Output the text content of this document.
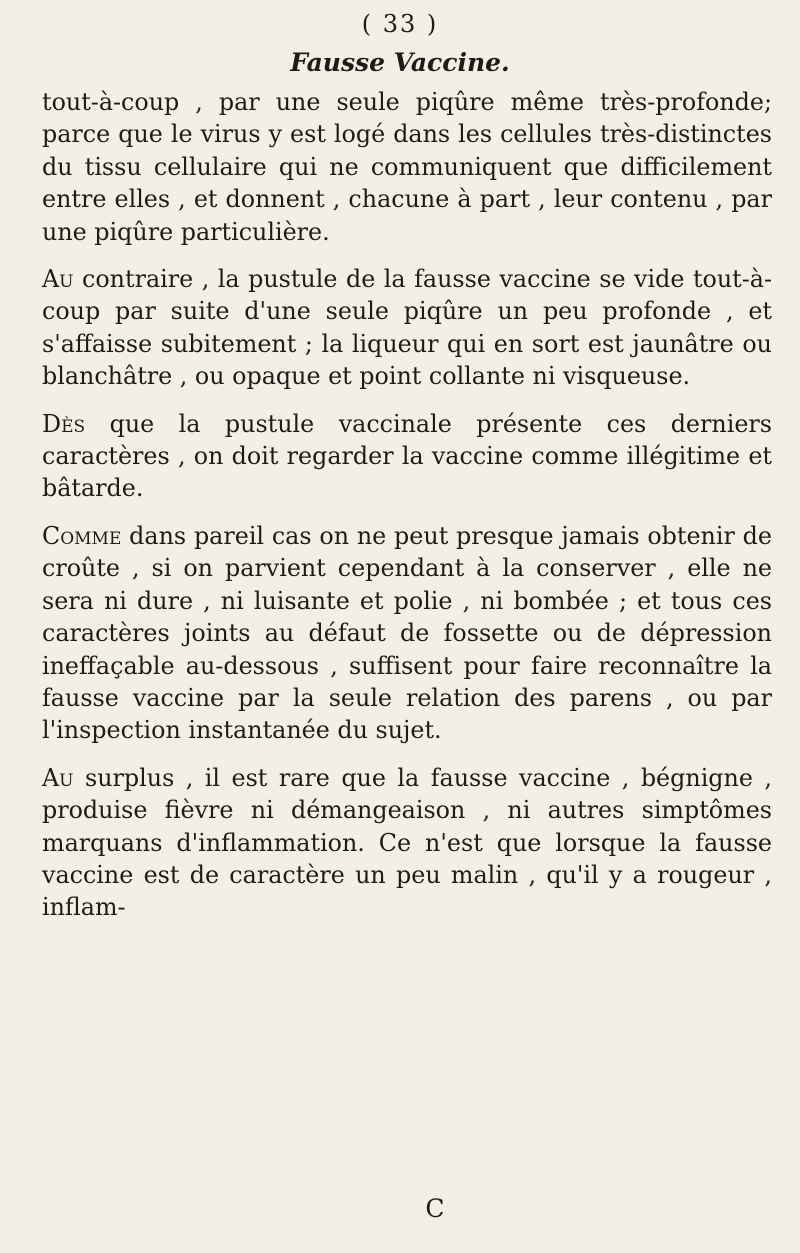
( 33 )
Fausse Vaccine.

tout-à-coup , par une seule piqûre même très-profonde; parce que le virus y est logé dans les cellules très-distinctes du tissu cellulaire qui ne communiquent que difficilement entre elles , et donnent , chacune à part , leur contenu , par une piqûre particulière.

Au contraire , la pustule de la fausse vaccine se vide tout-à-coup par suite d'une seule piqûre un peu profonde , et s'affaisse subitement ; la liqueur qui en sort est jaunâtre ou blanchâtre , ou opaque et point collante ni visqueuse.

Dès que la pustule vaccinale présente ces derniers caractères , on doit regarder la vaccine comme illégitime et bâtarde.

Comme dans pareil cas on ne peut presque jamais obtenir de croûte , si on parvient cependant à la conserver , elle ne sera ni dure , ni luisante et polie , ni bombée ; et tous ces caractères joints au défaut de fossette ou de dépression ineffaçable au-dessous , suffisent pour faire reconnaître la fausse vaccine par la seule relation des parens , ou par l'inspection instantanée du sujet.

Au surplus , il est rare que la fausse vaccine , bégnigne , produise fièvre ni démangeaison , ni autres simptômes marquans d'inflammation. Ce n'est que lorsque la fausse vaccine est de caractère un peu malin , qu'il y a rougeur , inflam-

C
